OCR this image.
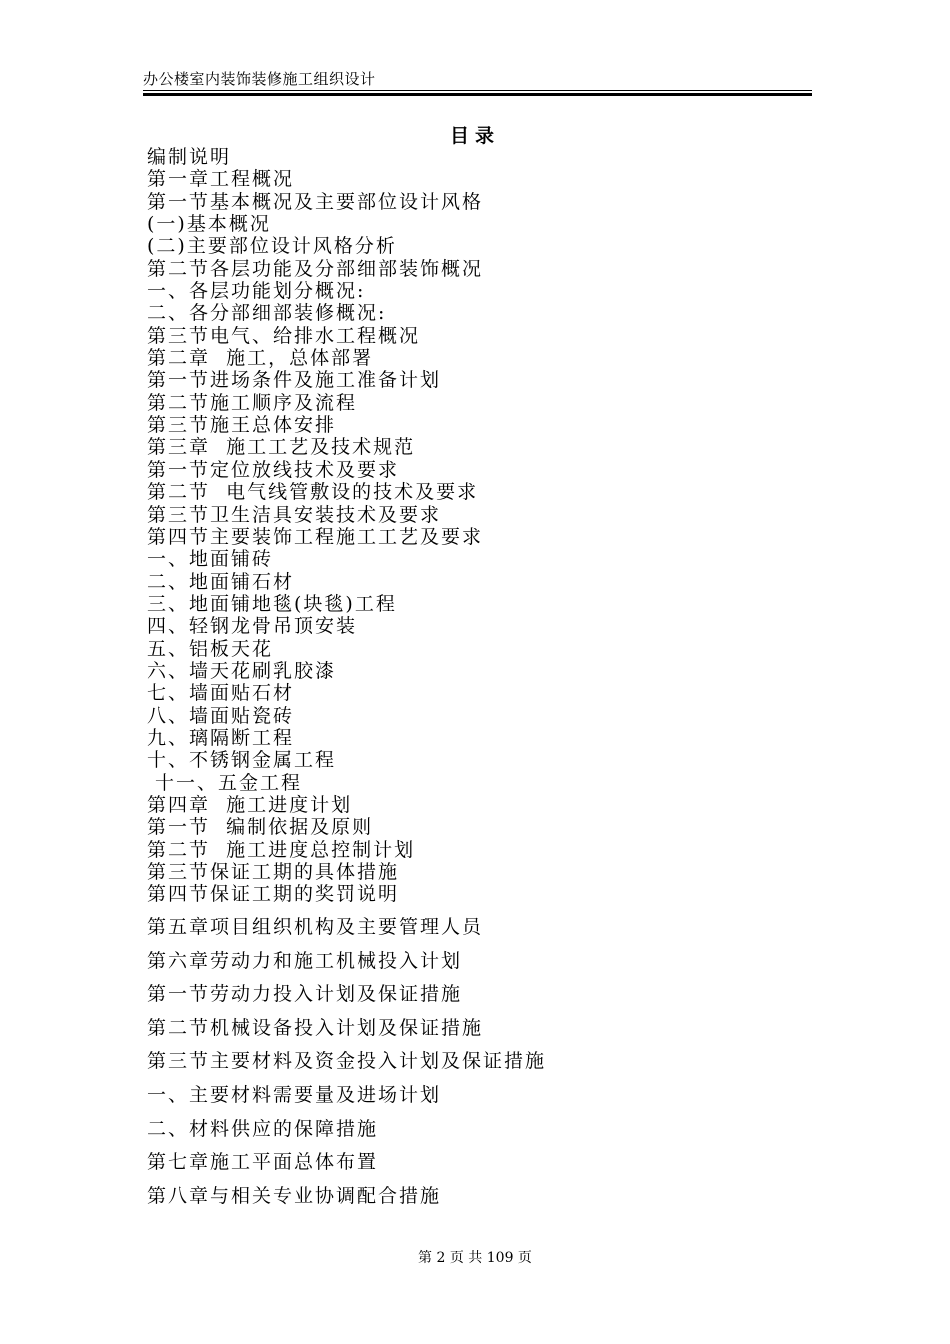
办公楼室内装饰装修施工组织设计
目录
编制说明
第一章工程概况
第一节基本概况及主要部位设计风格
(一)基本概况
(二)主要部位设计风格分析
第二节各层功能及分部细部装饰概况
一、各层功能划分概况:
二、各分部细部装修概况:
第三节电气、给排水工程概况
第二章  施工，总体部署
第一节进场条件及施工准备计划
第二节施工顺序及流程
第三节施王总体安排
第三章  施工工艺及技术规范
第一节定位放线技术及要求
第二节  电气线管敷设的技术及要求
第三节卫生洁具安装技术及要求
第四节主要装饰工程施工工艺及要求
一、地面铺砖
二、地面铺石材
三、地面铺地毯(块毯)工程
四、轻钢龙骨吊顶安装
五、铝板天花
六、墙天花刷乳胶漆
七、墙面贴石材
八、墙面贴瓷砖
九、璃隔断工程
十、不锈钢金属工程
十一、五金工程
第四章  施工进度计划
第一节  编制依据及原则
第二节  施工进度总控制计划
第三节保证工期的具体措施
第四节保证工期的奖罚说明
第五章项目组织机构及主要管理人员
第六章劳动力和施工机械投入计划
第一节劳动力投入计划及保证措施
第二节机械设备投入计划及保证措施
第三节主要材料及资金投入计划及保证措施
一、主要材料需要量及进场计划
二、材料供应的保障措施
第七章施工平面总体布置
第八章与相关专业协调配合措施
第 2 页 共 109 页
